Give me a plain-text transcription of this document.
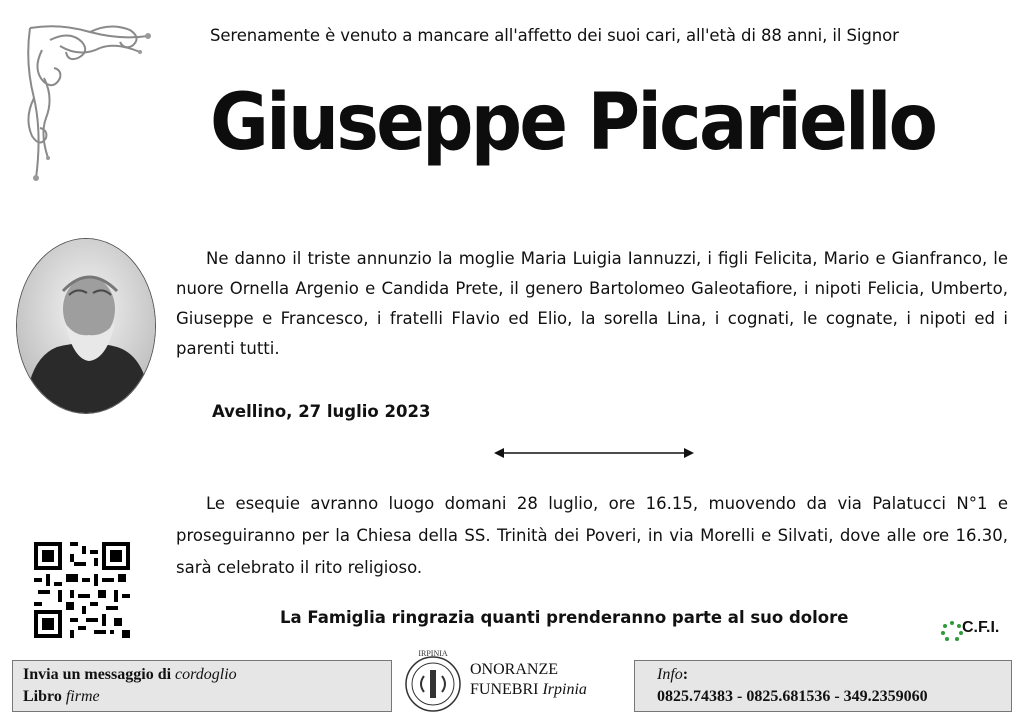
Serenamente è venuto a mancare all'affetto dei suoi cari, all'età di 88 anni, il Signor
Giuseppe Picariello
Ne danno il triste annunzio la moglie Maria Luigia Iannuzzi, i figli Felicita, Mario e Gianfranco, le nuore Ornella Argenio e Candida Prete, il genero Bartolomeo Galeotafiore, i nipoti Felicia, Umberto, Giuseppe e Francesco, i fratelli Flavio ed Elio, la sorella Lina, i cognati, le cognate, i nipoti ed i parenti tutti.
Avellino, 27 luglio 2023
Le esequie avranno luogo domani 28 luglio, ore 16.15, muovendo da via Palatucci N°1 e proseguiranno per la Chiesa della SS. Trinità dei Poveri, in via Morelli e Silvati, dove alle ore 16.30, sarà celebrato il rito religioso.
La Famiglia ringrazia quanti prenderanno parte al suo dolore
C.F.I.
Invia un messaggio di cordoglio
Libro firme
IRPINIA
ONORANZE
FUNEBRI Irpinia
Info:
0825.74383 - 0825.681536 - 349.2359060
